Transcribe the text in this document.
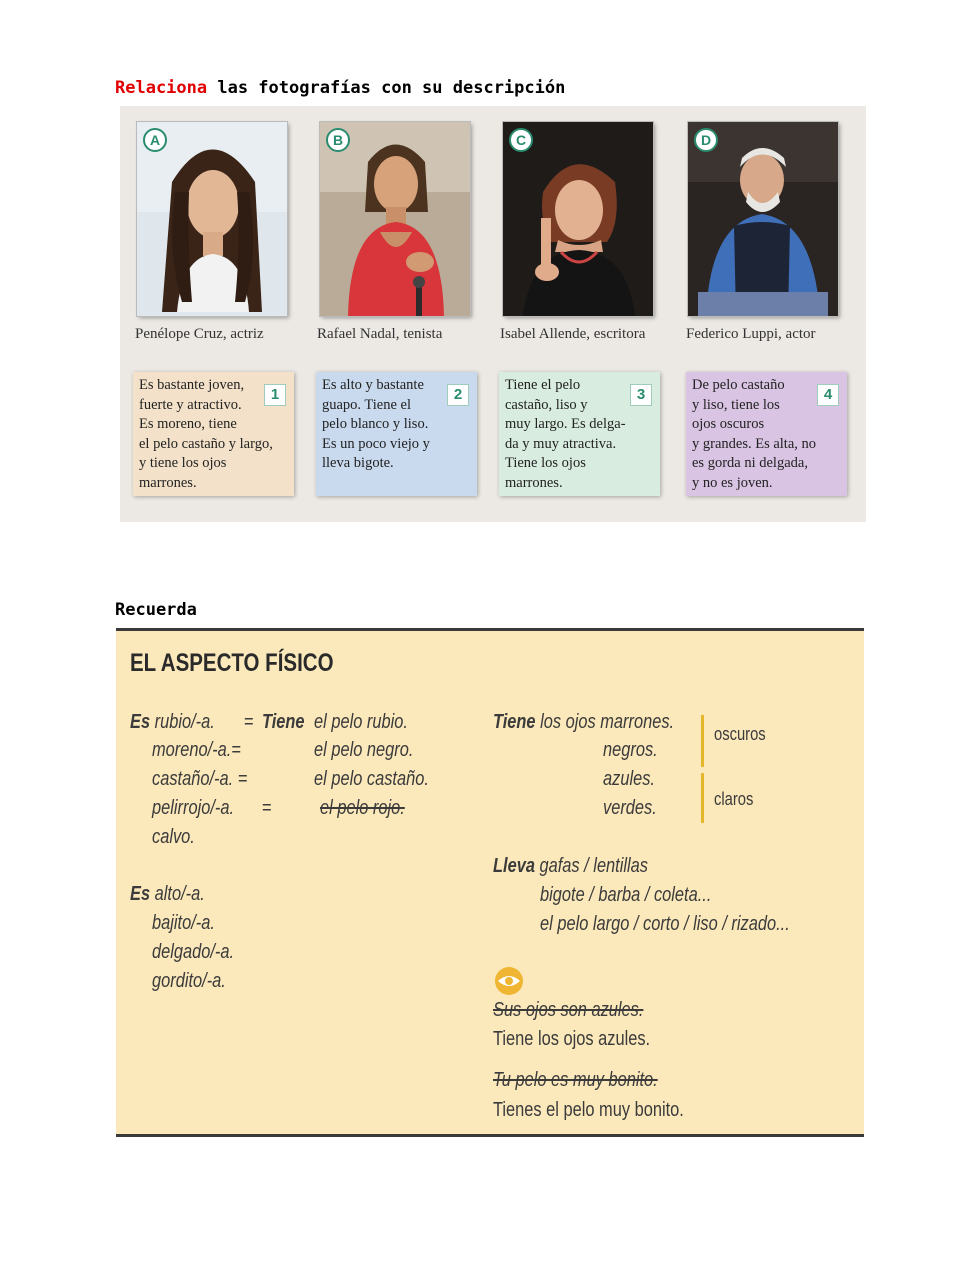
Relaciona las fotografías con su descripción
A
Penélope Cruz, actriz
B
Rafael Nadal, tenista
C
Isabel Allende, escritora
D
Federico Luppi, actor
Es bastante joven,
fuerte y atractivo.
Es moreno, tiene
el pelo castaño y largo,
y tiene los ojos
marrones.
1
Es alto y bastante
guapo. Tiene el
pelo blanco y liso.
Es un poco viejo y
lleva bigote.
2
Tiene el pelo
castaño, liso y
muy largo. Es delga-
da y muy atractiva.
Tiene los ojos
marrones.
3
De pelo castaño
y liso, tiene los
ojos oscuros
y grandes. Es alta, no
es gorda ni delgada,
y no es joven.
4
Recuerda
EL ASPECTO FÍSICO
Es rubio/-a. = Tiene el pelo rubio.
moreno/-a.=	el pelo negro.
castaño/-a. =	el pelo castaño.
pelirrojo/-a. = el pelo rojo.
calvo.
Es alto/-a.
bajito/-a.
delgado/-a.
gordito/-a.
Tiene los ojos marrones.
negros.
azules.
verdes.
oscuros
claros
Lleva gafas / lentillas
bigote / barba / coleta...
el pelo largo / corto / liso / rizado...
Sus ojos son azules.
Tiene los ojos azules.
Tu pelo es muy bonito.
Tienes el pelo muy bonito.
